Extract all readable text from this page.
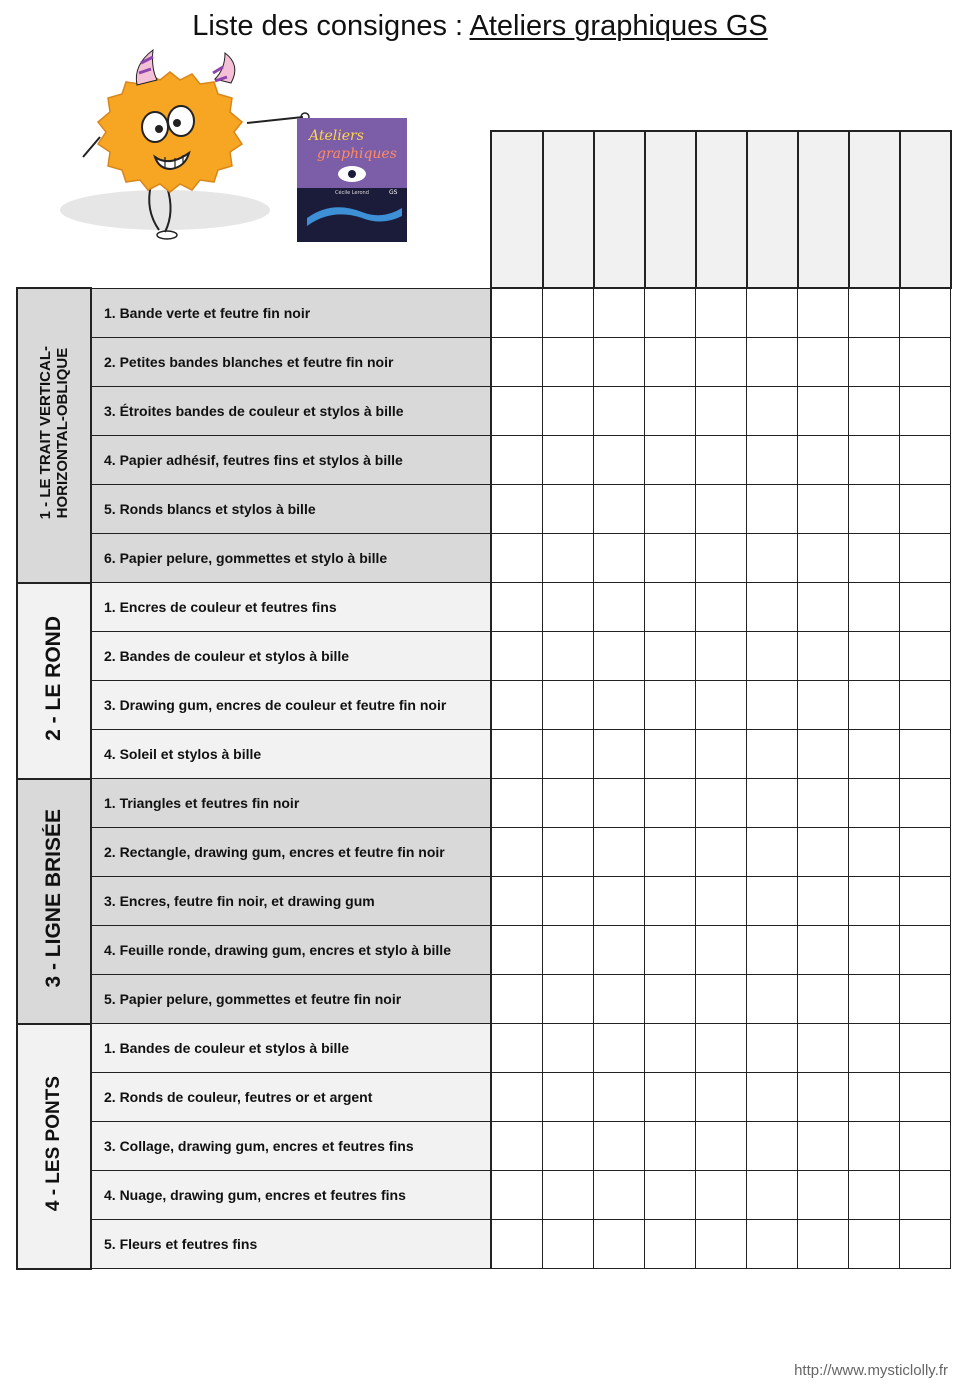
Liste des consignes : Ateliers graphiques GS
Ateliers
graphiques
Cécile Lerond	GS

1 - LE TRAIT VERTICAL-
HORIZONTAL-OBLIQUE	1. Bande verte et feutre fin noir									
	2. Petites bandes blanches et feutre fin noir									
	3. Étroites bandes de couleur et stylos à bille									
	4. Papier adhésif, feutres fins et stylos à bille									
	5. Ronds blancs et stylos à bille									
	6. Papier pelure, gommettes et stylo à bille									
2 - LE ROND	1. Encres de couleur et feutres fins									
	2. Bandes de couleur et stylos à bille									
	3. Drawing gum, encres de couleur et feutre fin noir									
	4. Soleil et stylos à bille									
3 - LIGNE BRISÉE	1. Triangles et feutres fin noir									
	2. Rectangle, drawing gum, encres et feutre fin noir									
	3. Encres, feutre fin noir, et drawing gum									
	4. Feuille ronde, drawing gum, encres et stylo à bille									
	5. Papier pelure, gommettes et feutre fin noir									
4 - LES PONTS	1. Bandes de couleur et stylos à bille									
	2. Ronds de couleur, feutres or et argent									
	3. Collage, drawing gum, encres et feutres fins									
	4. Nuage, drawing gum, encres et feutres fins									
	5. Fleurs et feutres fins									
http://www.mysticlolly.fr
